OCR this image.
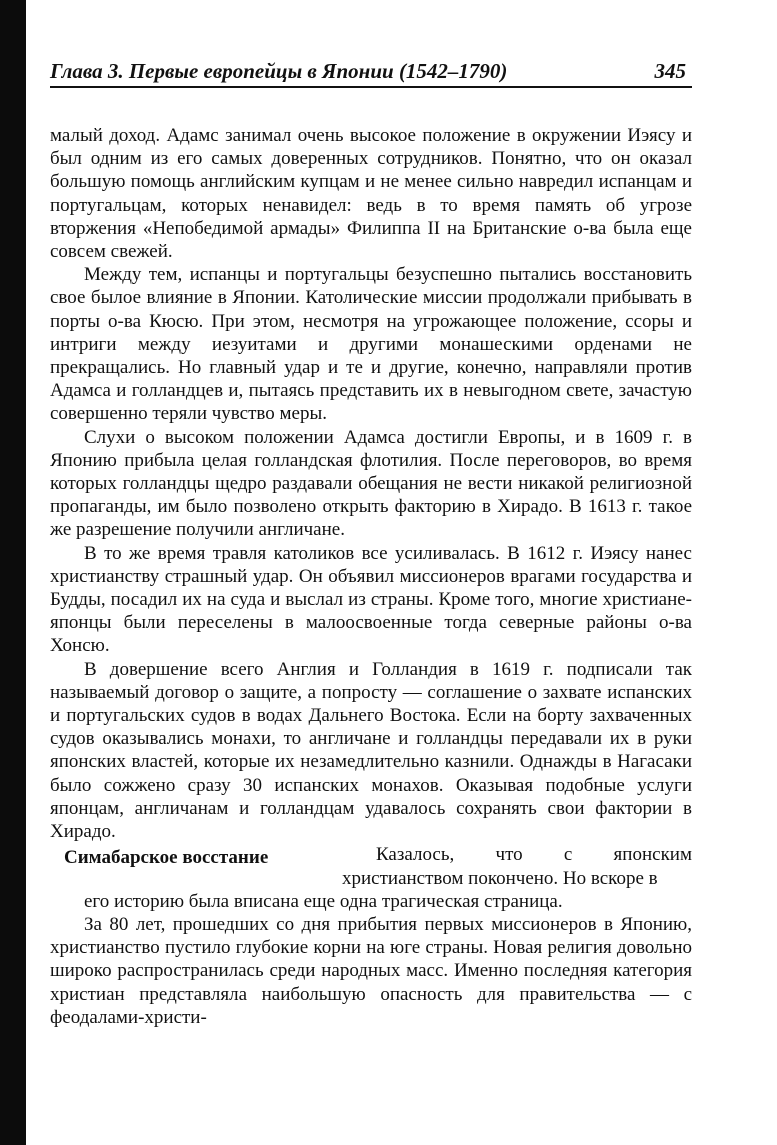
Глава 3. Первые европейцы в Японии (1542–1790)	345

малый доход. Адамс занимал очень высокое положение в окружении Иэясу и был одним из его самых доверенных сотрудников. Понятно, что он оказал большую помощь английским купцам и не менее сильно навредил испанцам и португальцам, которых ненавидел: ведь в то время память об угрозе вторжения «Непобедимой армады» Филиппа II на Британские о-ва была еще совсем свежей.

Между тем, испанцы и португальцы безуспешно пытались восстановить свое былое влияние в Японии. Католические миссии продолжали прибывать в порты о-ва Кюсю. При этом, несмотря на угрожающее положение, ссоры и интриги между иезуитами и другими монашескими орденами не прекращались. Но главный удар и те и другие, конечно, направляли против Адамса и голландцев и, пытаясь представить их в невыгодном свете, зачастую совершенно теряли чувство меры.

Слухи о высоком положении Адамса достигли Европы, и в 1609 г. в Японию прибыла целая голландская флотилия. После переговоров, во время которых голландцы щедро раздавали обещания не вести никакой религиозной пропаганды, им было позволено открыть факторию в Хирадо. В 1613 г. такое же разрешение получили англичане.

В то же время травля католиков все усиливалась. В 1612 г. Иэясу нанес христианству страшный удар. Он объявил миссионеров врагами государства и Будды, посадил их на суда и выслал из страны. Кроме того, многие христиане-японцы были переселены в малоосвоенные тогда северные районы о-ва Хонсю.

В довершение всего Англия и Голландия в 1619 г. подписали так называемый договор о защите, а попросту — соглашение о захвате испанских и португальских судов в водах Дальнего Востока. Если на борту захваченных судов оказывались монахи, то англичане и голландцы передавали их в руки японских властей, которые их незамедлительно казнили. Однажды в Нагасаки было сожжено сразу 30 испанских монахов. Оказывая подобные услуги японцам, англичанам и голландцам удавалось сохранять свои фактории в Хирадо.

Симабарское восстание	Казалось, что с японским христианством покончено. Но вскоре в

его историю была вписана еще одна трагическая страница.

За 80 лет, прошедших со дня прибытия первых миссионеров в Японию, христианство пустило глубокие корни на юге страны. Новая религия довольно широко распространилась среди народных масс. Именно последняя категория христиан представляла наибольшую опасность для правительства — с феодалами-христи-
